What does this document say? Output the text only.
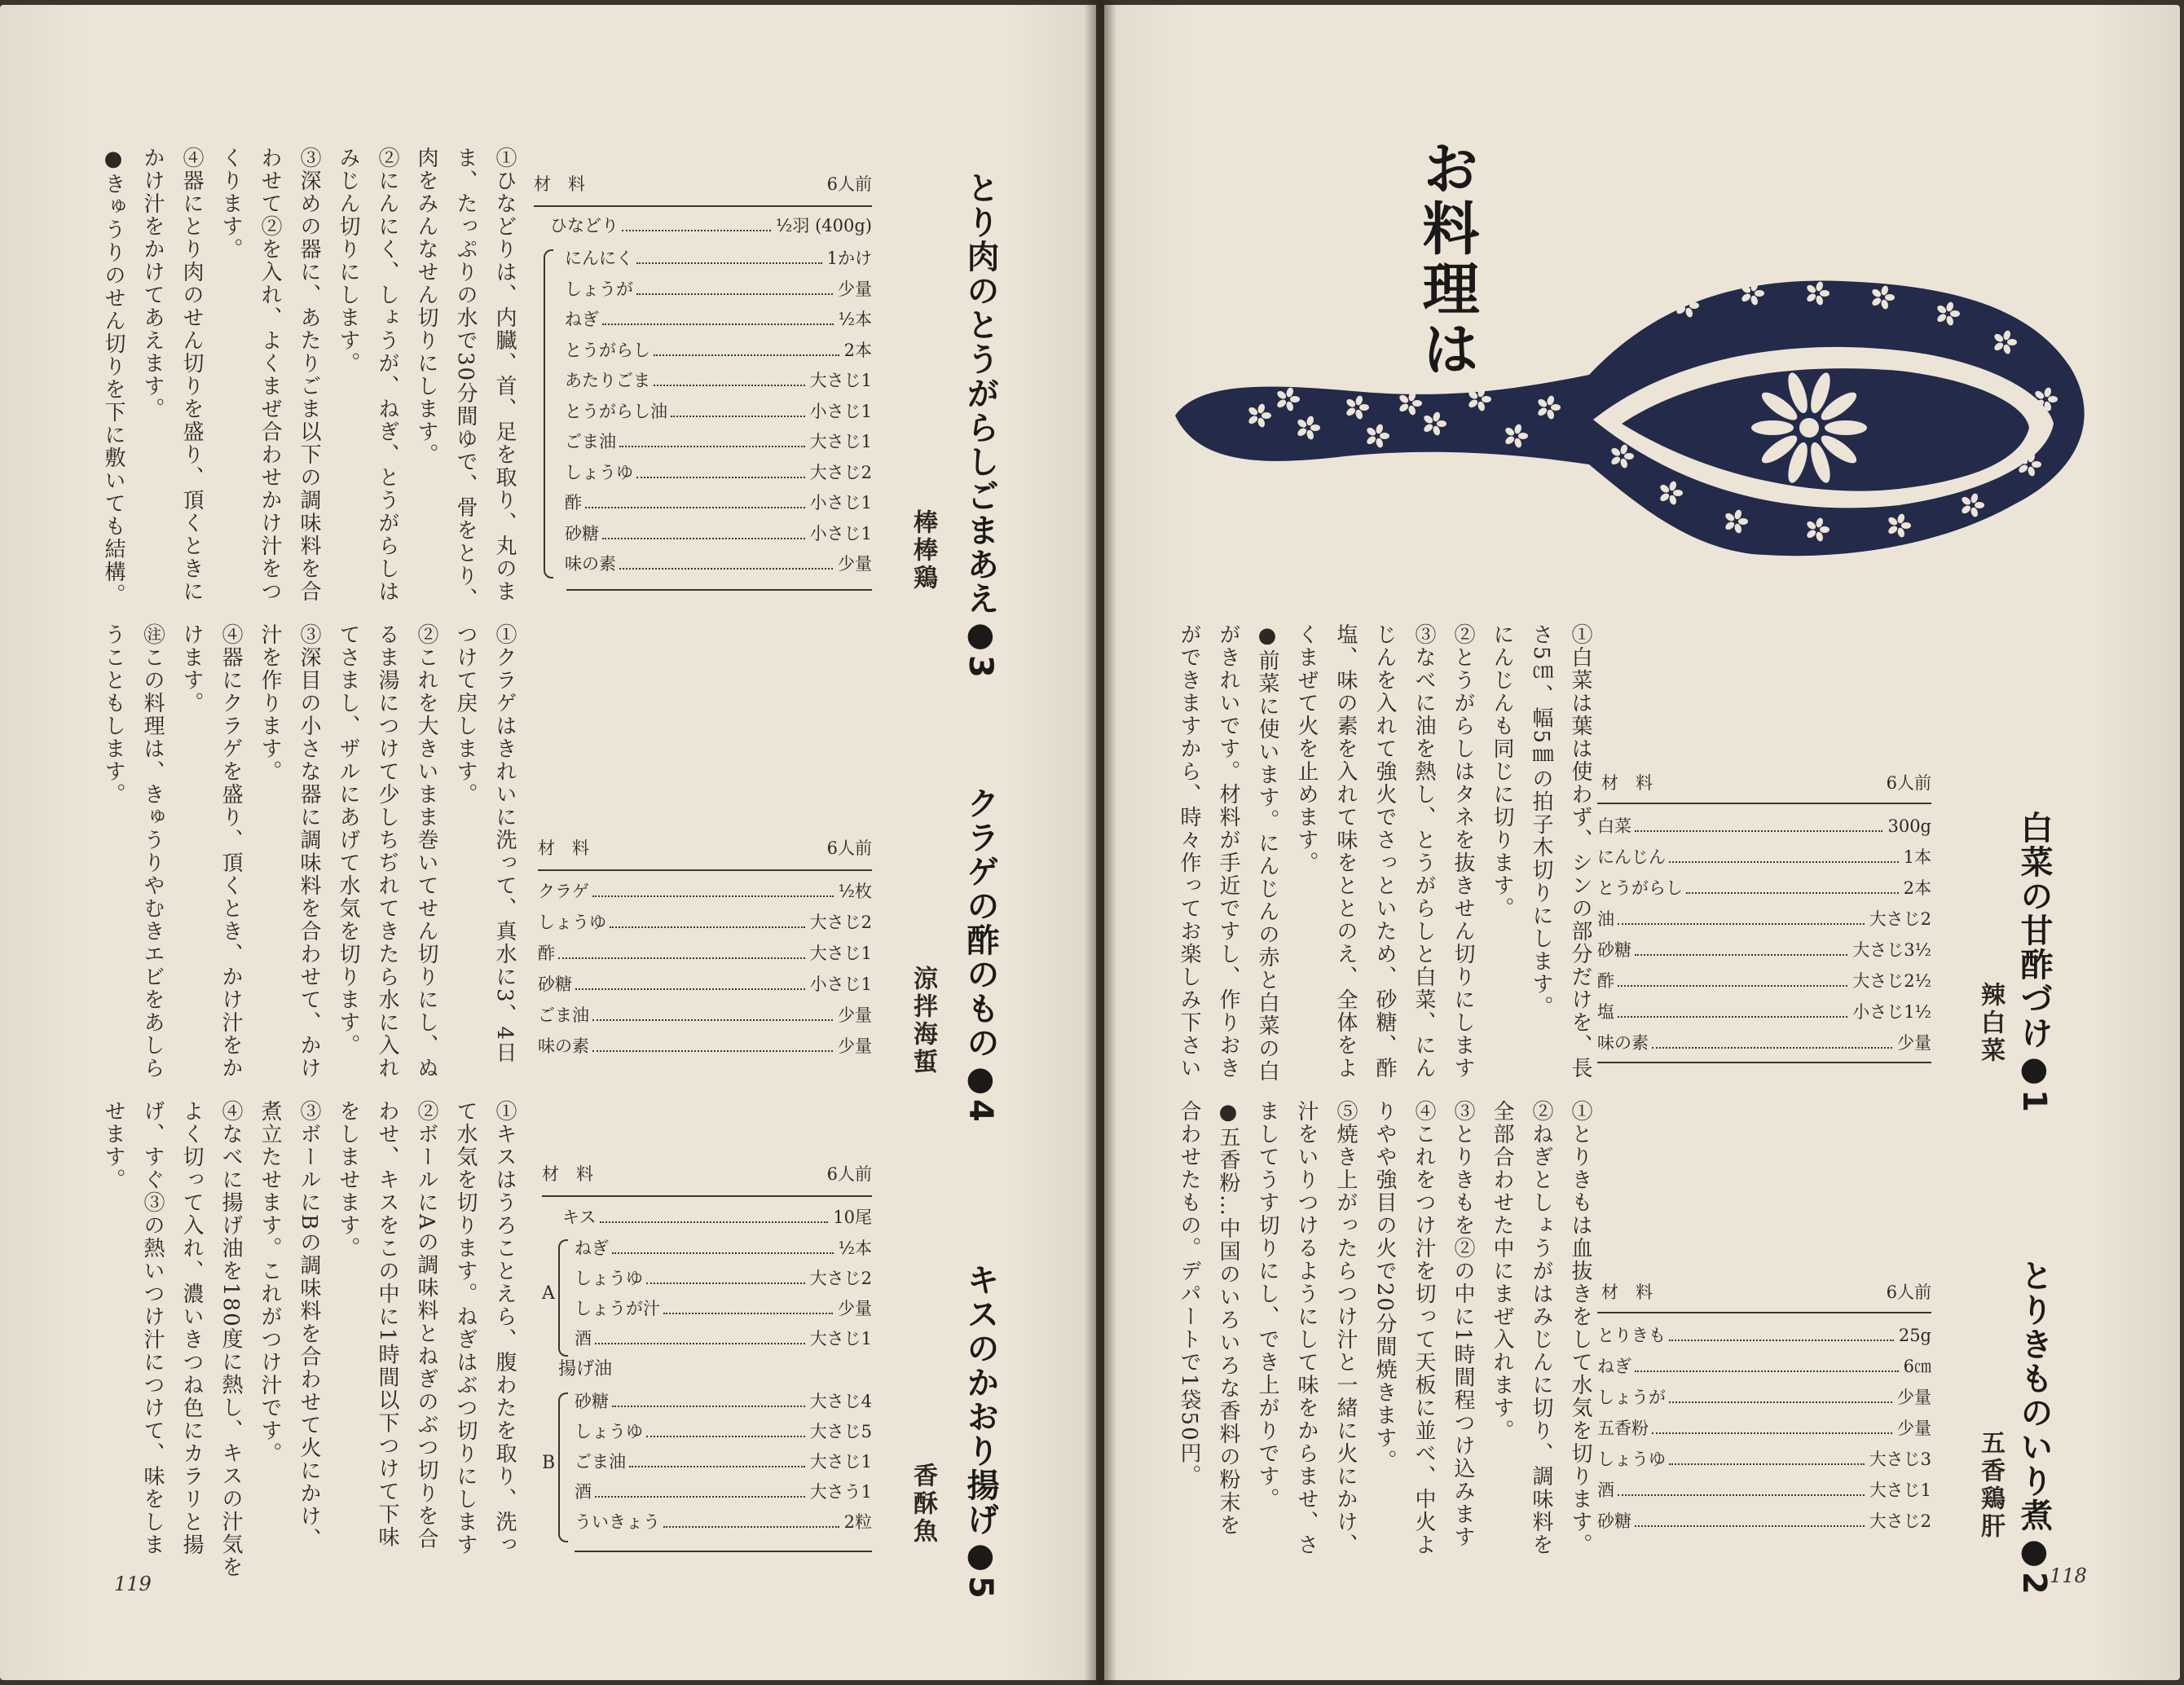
お料理は
白菜の甘酢づけ●1
辣白菜
材　料	6人前
白菜	300g
にんじん	1本
とうがらし	2本
油	大さじ2
砂糖	大さじ3½
酢	大さじ2½
塩	小さじ1½
味の素	少量

①白菜は葉は使わず、シンの部分だけを、長

さ5㎝、幅5㎜の拍子木切りにします。

にんじんも同じに切ります。

②とうがらしはタネを抜きせん切りにします

③なべに油を熱し、とうがらしと白菜、にん

じんを入れて強火でさっといため、砂糖、酢

塩、味の素を入れて味をととのえ、全体をよ

くまぜて火を止めます。

●前菜に使います。にんじんの赤と白菜の白

がきれいです。材料が手近ですし、作りおき

ができますから、時々作ってお楽しみ下さい

とりきものいり煮●2
五香鶏肝
材　料	6人前
とりきも	25g
ねぎ	6㎝
しょうが	少量
五香粉	少量
しょうゆ	大さじ3
酒	大さじ1
砂糖	大さじ2

①とりきもは血抜きをして水気を切ります。

②ねぎとしょうがはみじんに切り、調味料を

全部合わせた中にまぜ入れます。

③とりきもを②の中に1時間程つけ込みます

④これをつけ汁を切って天板に並べ、中火よ

りやや強目の火で20分間焼きます。

⑤焼き上がったらつけ汁と一緒に火にかけ、

汁をいりつけるようにして味をからませ、さ

ましてうす切りにし、でき上がりです。

●五香粉…中国のいろいろな香料の粉末を

合わせたもの。デパートで1袋50円。

118
とり肉のとうがらしごまあえ●3
棒棒鶏
材　料	6人前
ひなどり	½羽 (400g)
にんにく	1かけ
しょうが	少量
ねぎ	½本
とうがらし	2本
あたりごま	大さじ1
とうがらし油	小さじ1
ごま油	大さじ1
しょうゆ	大さじ2
酢	小さじ1
砂糖	小さじ1
味の素	少量

①ひなどりは、内臓、首、足を取り、丸のま

ま、たっぷりの水で30分間ゆで、骨をとり、

肉をみんなせん切りにします。

②にんにく、しょうが、ねぎ、とうがらしは

みじん切りにします。

③深めの器に、あたりごま以下の調味料を合

わせて②を入れ、よくまぜ合わせかけ汁をつ

くります。

④器にとり肉のせん切りを盛り、頂くときに

かけ汁をかけてあえます。

●きゅうりのせん切りを下に敷いても結構。

クラゲの酢のもの●4
涼拌海蜇
材　料	6人前
クラゲ	½枚
しょうゆ	大さじ2
酢	大さじ1
砂糖	小さじ1
ごま油	少量
味の素	少量

①クラゲはきれいに洗って、真水に3、4日

つけて戻します。

②これを大きいまま巻いてせん切りにし、ぬ

るま湯につけて少しちぢれてきたら水に入れ

てさまし、ザルにあげて水気を切ります。

③深目の小さな器に調味料を合わせて、かけ

汁を作ります。

④器にクラゲを盛り、頂くとき、かけ汁をか

けます。

㊟この料理は、きゅうりやむきエビをあしら

うこともします。

キスのかおり揚げ●5
香酥魚
材　料	6人前
キス	10尾
ねぎ	½本
しょうゆ	大さじ2
しょうが汁	少量
酒	大さじ1
A
揚げ油
砂糖	大さじ4
しょうゆ	大さじ5
ごま油	大さじ1
酒	大さう1
ういきょう	2粒
B

①キスはうろことえら、腹わたを取り、洗っ

て水気を切ります。ねぎはぶつ切りにします

②ボールにAの調味料とねぎのぶつ切りを合

わせ、キスをこの中に1時間以下つけて下味

をしませます。

③ボールにBの調味料を合わせて火にかけ、

煮立たせます。これがつけ汁です。

④なべに揚げ油を180度に熱し、キスの汁気を

よく切って入れ、濃いきつね色にカラリと揚

げ、すぐ③の熱いつけ汁につけて、味をしま

せます。

119
